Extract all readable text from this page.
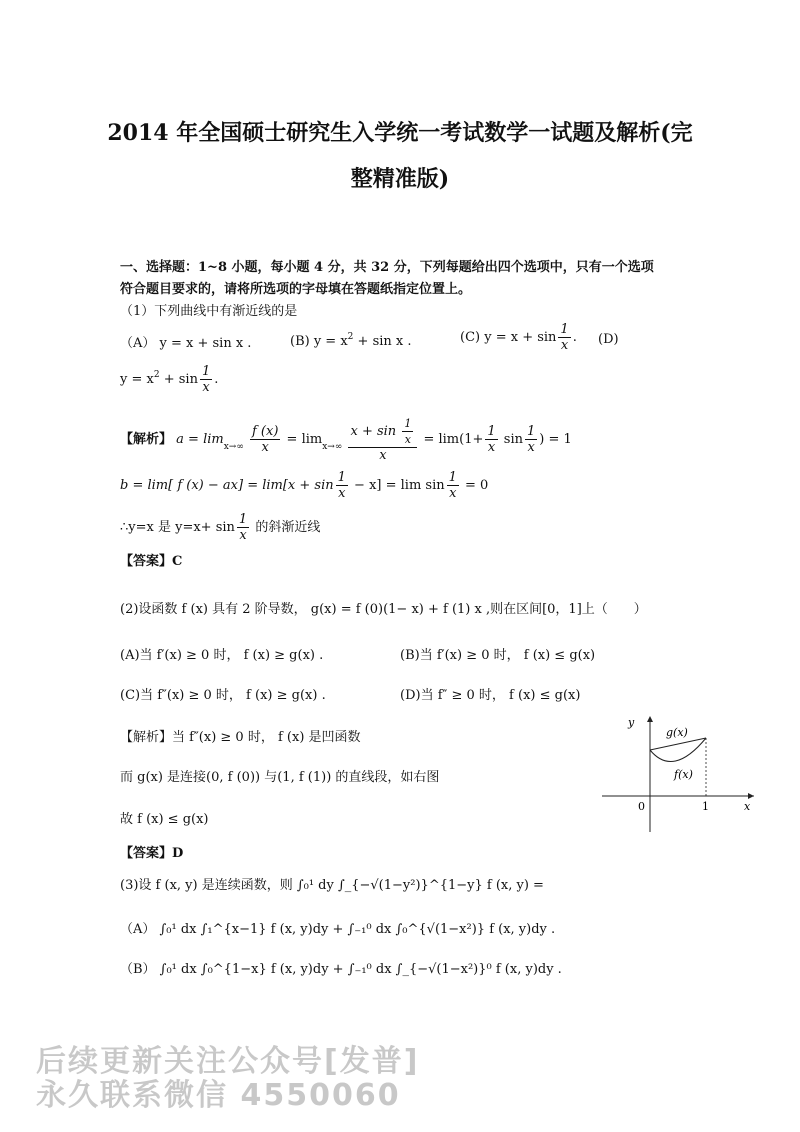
2014 年全国硕士研究生入学统一考试数学一试题及解析(完
整精准版)
一、选择题：1~8 小题，每小题 4 分，共 32 分，下列每题给出四个选项中，只有一个选项
符合题目要求的，请将所选项的字母填在答题纸指定位置上。
（1）下列曲线中有渐近线的是
（A） y = x + sin x .	(B) $y = x^2 + \sin x$ .	(C) $y = x + \sin \frac{1}{x}$ . (D)
$y = x^2 + \sin \frac{1}{x}$ .
【解析】 $a = \lim_{x\to\infty} \frac{f (x)}{x} = \lim_{x\to\infty} \frac{x + \sin \frac{1}{x}}{x} = \lim(1+ \frac{1}{x}$ $\sin \frac{1}{x}$ ) = 1
b = lim[ f $(x) - ax] = \lim[x + \sin \frac{1}{x} - x] = \lim \sin \frac{1}{x} = 0$
∴y=x 是 $y=x+ \sin \frac{1}{x}$ 的斜渐近线
【答案】C
(2)设函数 f (x) 具有 2 阶导数， g(x) = f (0)(1− x) + f (1) x ,则在区间[0，1]上（　　）
(A)当 f′(x) ≥ 0 时， f (x) ≥ g(x) .	(B)当 f′(x) ≥ 0 时， f (x) ≤ g(x)
(C)当 f″(x) ≥ 0 时， f (x) ≥ g(x) .	(D)当 f″ ≥ 0 时， f (x) ≤ g(x)
【解析】当 f″(x) ≥ 0 时， f (x) 是凹函数
而 g(x) 是连接(0, f (0)) 与(1, f (1)) 的直线段，如右图
故 f (x) ≤ g(x)
【答案】D
y
x
0	1
g(x)
f(x)
(3)设 f (x, y) 是连续函数，则 ∫₀¹ dy ∫_{−√(1−y²)}^{1−y} f (x, y) =
（A） ∫₀¹ dx ∫₁^{x−1} f (x, y)dy + ∫₋₁⁰ dx ∫₀^{√(1−x²)} f (x, y)dy .
（B） ∫₀¹ dx ∫₀^{1−x} f (x, y)dy + ∫₋₁⁰ dx ∫_{−√(1−x²)}⁰ f (x, y)dy .
后续更新关注公众号[发普]
永久联系微信 4550060
